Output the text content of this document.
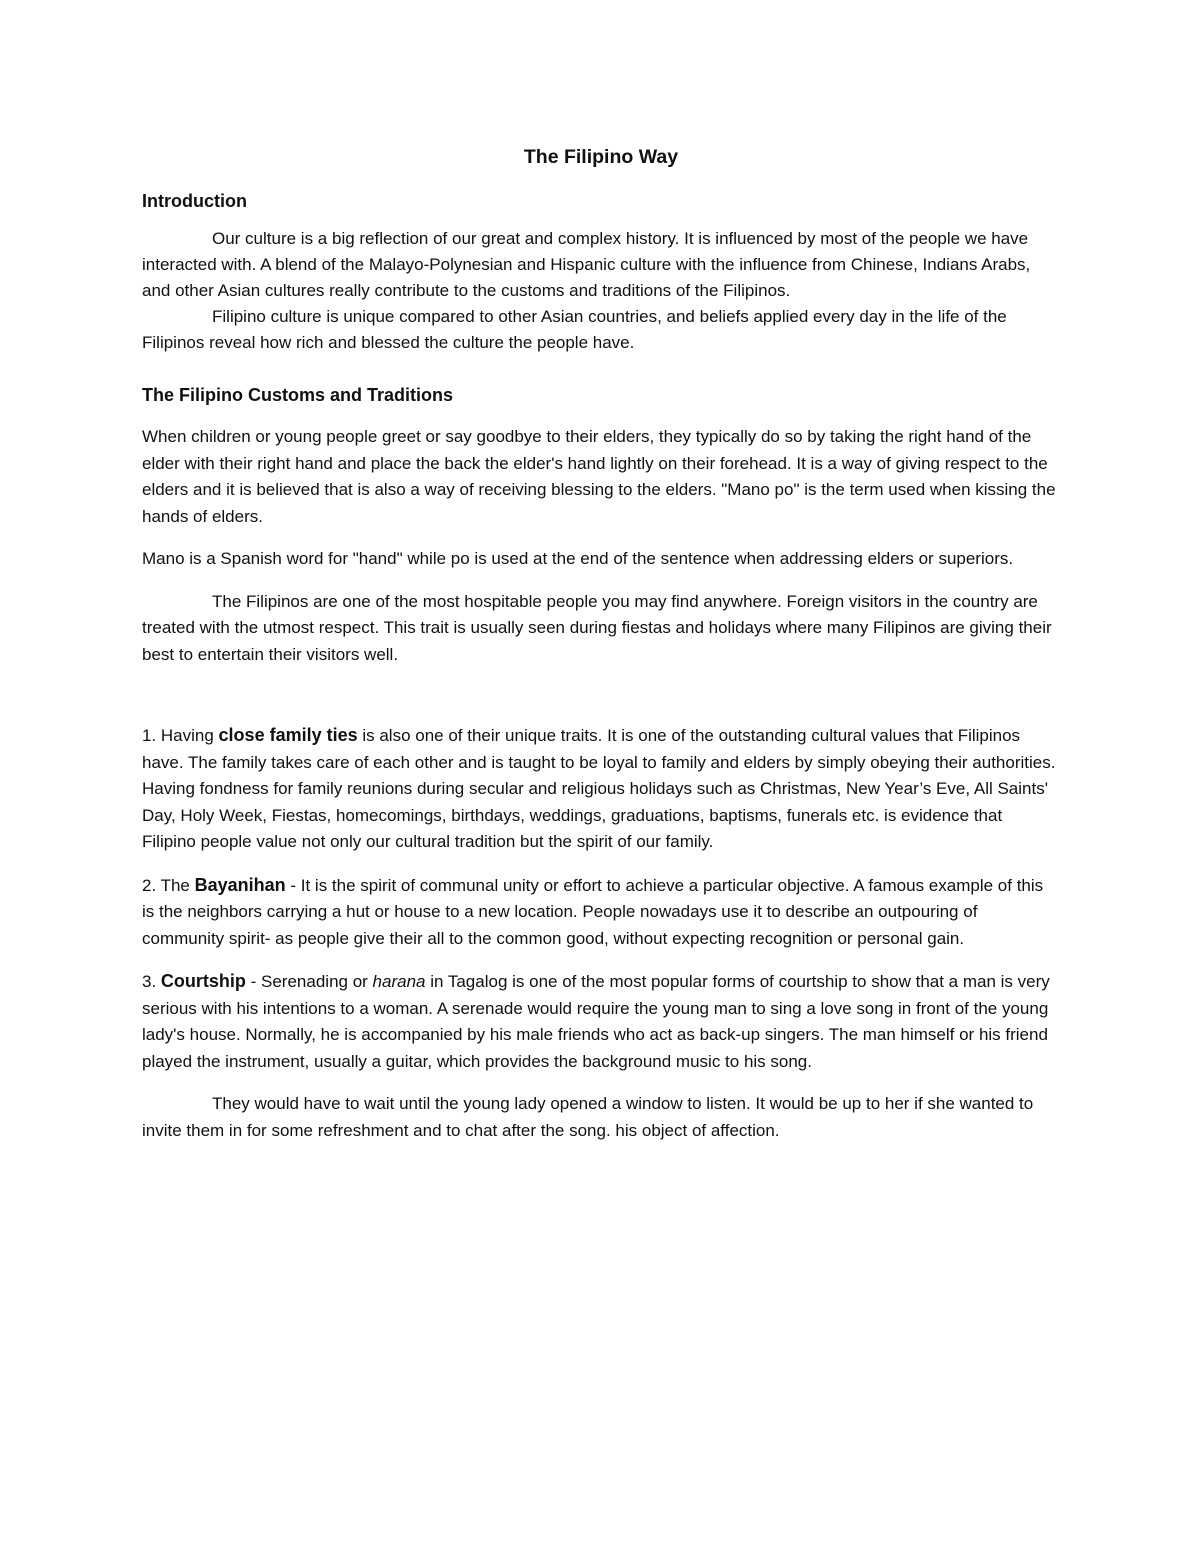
The Filipino Way
Introduction

Our culture is a big reflection of our great and complex history. It is influenced by most of the people we have interacted with. A blend of the Malayo-Polynesian and Hispanic culture with the influence from Chinese, Indians Arabs, and other Asian cultures really contribute to the customs and traditions of the Filipinos.

Filipino culture is unique compared to other Asian countries, and beliefs applied every day in the life of the Filipinos reveal how rich and blessed the culture the people have.

The Filipino Customs and Traditions

When children or young people greet or say goodbye to their elders, they typically do so by taking the right hand of the elder with their right hand and place the back the elder's hand lightly on their forehead. It is a way of giving respect to the elders and it is believed that is also a way of receiving blessing to the elders. "Mano po" is the term used when kissing the hands of elders.

Mano is a Spanish word for "hand" while po is used at the end of the sentence when addressing elders or superiors.

The Filipinos are one of the most hospitable people you may find anywhere. Foreign visitors in the country are treated with the utmost respect. This trait is usually seen during fiestas and holidays where many Filipinos are giving their best to entertain their visitors well.

1. Having close family ties is also one of their unique traits. It is one of the outstanding cultural values that Filipinos have. The family takes care of each other and is taught to be loyal to family and elders by simply obeying their authorities. Having fondness for family reunions during secular and religious holidays such as Christmas, New Year’s Eve, All Saints' Day, Holy Week, Fiestas, homecomings, birthdays, weddings, graduations, baptisms, funerals etc. is evidence that Filipino people value not only our cultural tradition but the spirit of our family.

2. The Bayanihan - It is the spirit of communal unity or effort to achieve a particular objective. A famous example of this is the neighbors carrying a hut or house to a new location. People nowadays use it to describe an outpouring of community spirit- as people give their all to the common good, without expecting recognition or personal gain.

3. Courtship - Serenading or harana in Tagalog is one of the most popular forms of courtship to show that a man is very serious with his intentions to a woman. A serenade would require the young man to sing a love song in front of the young lady's house. Normally, he is accompanied by his male friends who act as back-up singers. The man himself or his friend played the instrument, usually a guitar, which provides the background music to his song.

They would have to wait until the young lady opened a window to listen. It would be up to her if she wanted to invite them in for some refreshment and to chat after the song. his object of affection.
